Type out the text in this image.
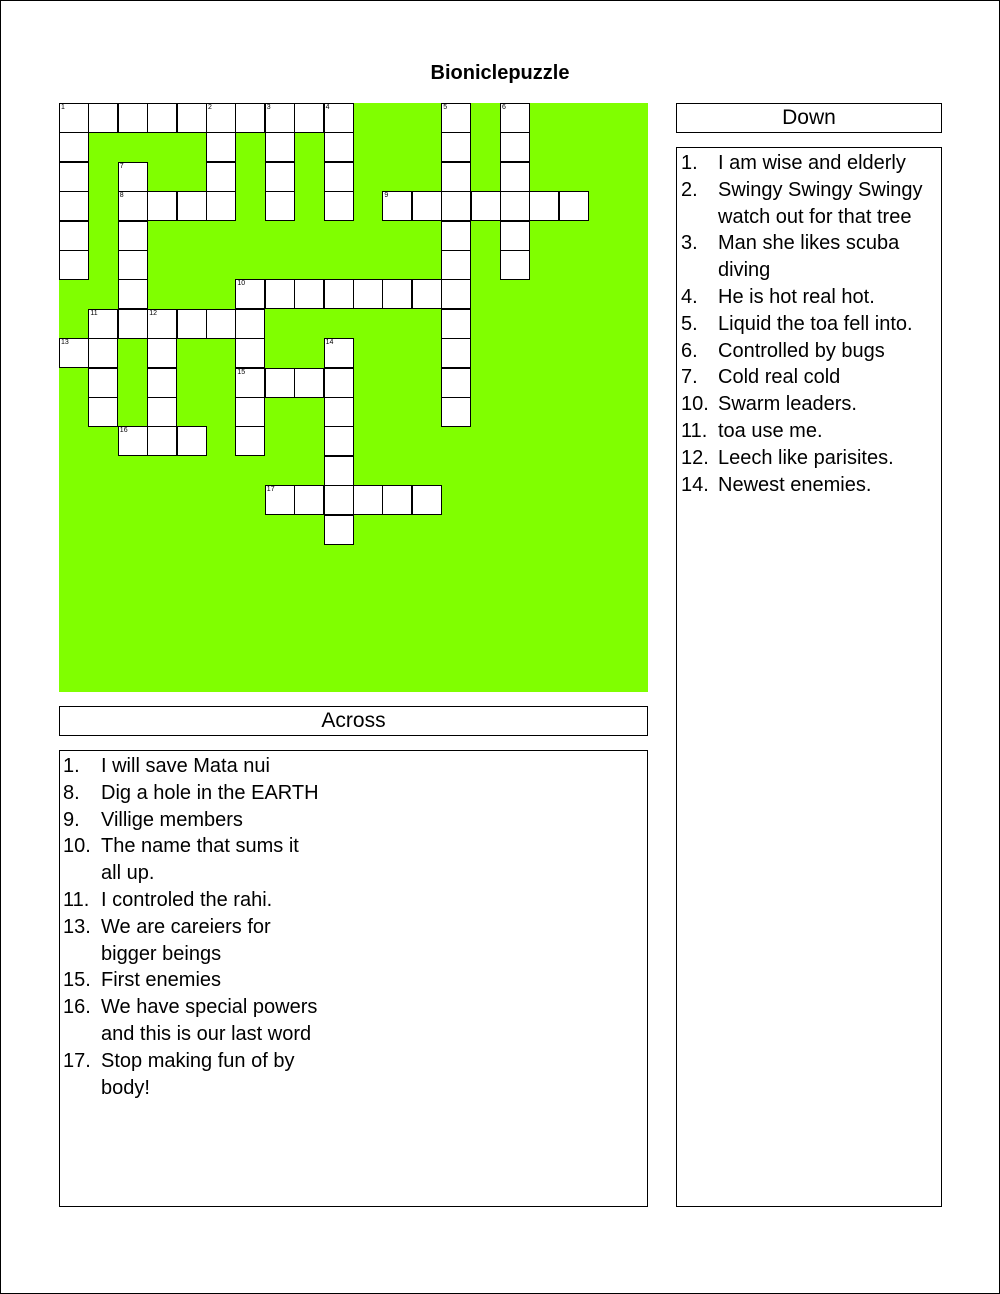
Bioniclepuzzle
1	2	3	4	5	6
7
8	9
10
11	12
15
13	14
16
17
Down
1.	I am wise and elderly
2.	Swingy Swingy Swingy watch out for that tree
3.	Man she likes scuba diving
4.	He is hot real hot.
5.	Liquid the toa fell into.
6.	Controlled by bugs
7.	Cold real cold
10. Swarm leaders.
11. toa use me.
12. Leech like parisites.
14. Newest enemies.
Across
1.	I will save Mata nui
8.	Dig a hole in the EARTH
9.	Villige members
10. The name that sums it all up.
11. I controled the rahi.
13. We are careiers for bigger beings
15. First enemies
16. We have special powers and this is our last word
17. Stop making fun of by body!
